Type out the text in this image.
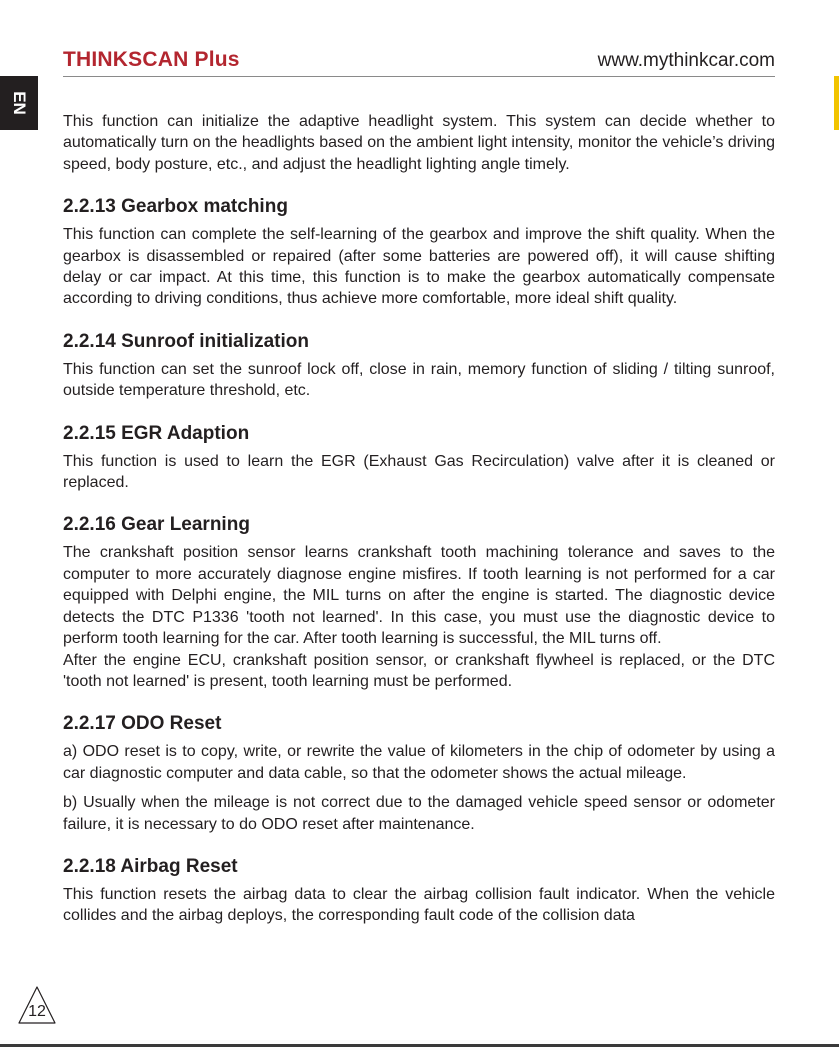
THINKSCAN Plus	www.mythinkcar.com
EN

This function can initialize the adaptive headlight system. This system can decide whether to automatically turn on the headlights based on the ambient light intensity, monitor the vehicle’s driving speed, body posture, etc., and adjust the headlight lighting angle timely.

2.2.13 Gearbox matching

This function can complete the self-learning of the gearbox and improve the shift quality. When the gearbox is disassembled or repaired (after some batteries are powered off), it will cause shifting delay or car impact. At this time, this function is to make the gearbox automatically compensate according to driving conditions, thus achieve more comfortable, more ideal shift quality.

2.2.14 Sunroof initialization

This function can set the sunroof lock off, close in rain, memory function of sliding / tilting sunroof, outside temperature threshold, etc.

2.2.15 EGR Adaption

This function is used to learn the EGR (Exhaust Gas Recirculation) valve after it is cleaned or replaced.

2.2.16 Gear Learning

The crankshaft position sensor learns crankshaft tooth machining tolerance and saves to the computer to more accurately diagnose engine misfires. If tooth learning is not performed for a car equipped with Delphi engine, the MIL turns on after the engine is started. The diagnostic device detects the DTC P1336 'tooth not learned'. In this case, you must use the diagnostic device to perform tooth learning for the car. After tooth learning is successful, the MIL turns off.

After the engine ECU, crankshaft position sensor, or crankshaft flywheel is replaced, or the DTC 'tooth not learned' is present, tooth learning must be performed.

2.2.17 ODO Reset

a) ODO reset is to copy, write, or rewrite the value of kilometers in the chip of odometer by using a car diagnostic computer and data cable, so that the odometer shows the actual mileage.

b) Usually when the mileage is not correct due to the damaged vehicle speed sensor or odometer failure, it is necessary to do ODO reset after maintenance.

2.2.18 Airbag Reset

This function resets the airbag data to clear the airbag collision fault indicator. When the vehicle collides and the airbag deploys, the corresponding fault code of the collision data

12
